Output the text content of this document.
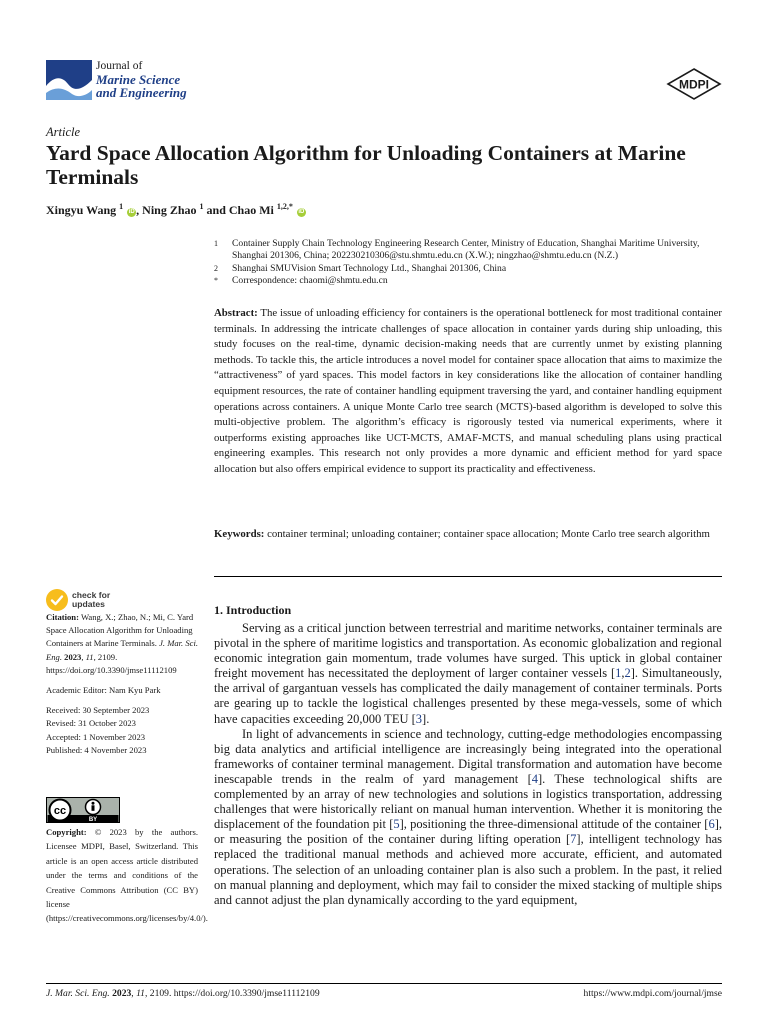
Journal of
Marine Science
and Engineering
MDPI
Article
Yard Space Allocation Algorithm for Unloading Containers at Marine Terminals
Xingyu Wang $^1$ iD , Ning Zhao $^1$ and Chao Mi $^{1,2,*}$ iD
1	Container Supply Chain Technology Engineering Research Center, Ministry of Education, Shanghai Maritime University, Shanghai 201306, China; 202230210306@stu.shmtu.edu.cn (X.W.); ningzhao@shmtu.edu.cn (N.Z.)
2	Shanghai SMUVision Smart Technology Ltd., Shanghai 201306, China
*	Correspondence: chaomi@shmtu.edu.cn

Abstract: The issue of unloading efficiency for containers is the operational bottleneck for most traditional container terminals. In addressing the intricate challenges of space allocation in container yards during ship unloading, this study focuses on the real-time, dynamic decision-making needs that are currently unmet by existing planning methods. To tackle this, the article introduces a novel model for container space allocation that aims to maximize the “attractiveness” of yard spaces. This model factors in key considerations like the allocation of container handling equipment resources, the rate of container handling equipment traversing the yard, and container handling equipment operations across containers. A unique Monte Carlo tree search (MCTS)-based algorithm is developed to solve this multi-objective problem. The algorithm’s efficacy is rigorously tested via numerical experiments, where it outperforms existing approaches like UCT-MCTS, AMAF-MCTS, and manual scheduling plans using practical engineering examples. This research not only provides a more dynamic and efficient method for yard space allocation but also offers empirical evidence to support its practicality and effectiveness.

Keywords: container terminal; unloading container; container space allocation; Monte Carlo tree search algorithm

check for
updates
Citation: Wang, X.; Zhao, N.; Mi, C. Yard Space Allocation Algorithm for Unloading Containers at Marine Terminals. J. Mar. Sci. Eng. 2023, 11, 2109. https://doi.org/10.3390/jmse11112109
Academic Editor: Nam Kyu Park
Received: 30 September 2023
Revised: 31 October 2023
Accepted: 1 November 2023
Published: 4 November 2023
cc
BY

Copyright: © 2023 by the authors. Licensee MDPI, Basel, Switzerland. This article is an open access article distributed under the terms and conditions of the Creative Commons Attribution (CC BY) license (https://creativecommons.org/licenses/by/4.0/).

1. Introduction

Serving as a critical junction between terrestrial and maritime networks, container terminals are pivotal in the sphere of maritime logistics and transportation. As economic globalization and regional economic integration gain momentum, trade volumes have surged. This uptick in global container freight movement has necessitated the deployment of larger container vessels [1,2]. Simultaneously, the arrival of gargantuan vessels has complicated the daily management of container terminals. Ports are gearing up to tackle the logistical challenges presented by these mega-vessels, some of which have capacities exceeding 20,000 TEU [3].

In light of advancements in science and technology, cutting-edge methodologies encompassing big data analytics and artificial intelligence are increasingly being integrated into the operational frameworks of container terminal management. Digital transformation and automation have become inescapable trends in the realm of yard management [4]. These technological shifts are complemented by an array of new technologies and solutions in logistics transportation, addressing challenges that were historically reliant on manual human intervention. Whether it is monitoring the displacement of the foundation pit [5], positioning the three-dimensional attitude of the container [6], or measuring the position of the container during lifting operation [7], intelligent technology has replaced the traditional manual methods and achieved more accurate, efficient, and automated operations. The selection of an unloading container plan is also such a problem. In the past, it relied on manual planning and deployment, which may fail to consider the mixed stacking of multiple ships and cannot adjust the plan dynamically according to the yard equipment,

J. Mar. Sci. Eng. 2023, 11, 2109. https://doi.org/10.3390/jmse11112109	https://www.mdpi.com/journal/jmse
